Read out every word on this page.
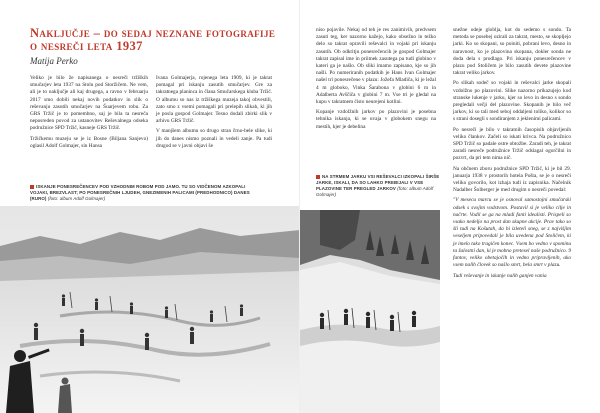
Naključje – do sedaj neznane fotografije
o nesreči leta 1937
Matija Perko

Veliko je bilo že napisanega o nesreči tržiških smučarjev leta 1937 na Stolu pod Storžičem. Ne vem, ali je to naključje ali kaj drugega, a ravno v februarju 2017 smo dobili nekaj novih podatkov in slik o reševanju zasutih smučarjev na Šuarjevem robu. Za GRS Tržič je to pomembno, saj je bila ta nesreča neposreden povod za ustanovitev Reševalnega odseka podružnice SPD Tržič, kasneje GRS Tržič.

Tržičkemu muzeju se je iz Bosne (Biljana Sanjevo) oglasil Adolf Golmajer, sin Hansa

Ivana Golmajerja, rojenega leta 1909, ki je takrat pomagal pri iskanju zasutih smučarjev. Gre za takratnega planinca in člana Smučarskega kluba Tržič. O albumu so nas iz tržiškega muzeja takoj obvestili, zato smo z vsemi pomagali pri prelepih slikah, ki jih je posla gospod Golmajer. Tesno dodali zbirki slik v arhivu GRS Tržič.

V manjšem albumu so drugo stran črno-bele slike, ki jih do danes nismo poznali in vedeli zanje. Pa tudi drugod se v javni objavi še

ISKANJE PONESREČENCEV POD VZHODNIM ROBOM POD JAMO. TU SO VIDČENOM AZKOPALI VOJAKI, BREZVLAST; PO PONESREČNIH LJUDEH, GNEZIMENIH PALICAMI (PREDHODNICO) DANES (RURO) (foto: album Adolf Golmajer)

niso pojavile. Nekaj od teh je res zanimivih, predvsem zasuti teg, ker nazorno kažejo, kako obsežno in težko delo so takrat opravili reševalci in vojaki pri iskanju zasutih. Ob odkritju ponesrečencih je gospod Golmajer takrat zapisal ime in priimek zasutega pa tudi globino v kateri ga je našlo. Ob sliki imamo zapisano, kje so jih našli. Po numeriranih podatkih je Hans Ivan Golmajer našel tri ponesrečene v plazu: Jožefa Mladiča, ki je ležal 4 m globoko, Vinka Šarabona v globini 6 m in Adalberta Avščiča v globini 7 m. Vse tri je gledal na kupu v takratnem čisto neurejeni kotlini.

Kopanje vzdolžnih jarkov po plazovini je posebna tehnika iskanja, ki se uvaja v globokem snegu na mestih, kjer je debelina

NA STRMEM JARKU VSI REŠEVALCI IZKOPALI ŠIRŠE JARKE, ISKALI, DA SO LAHKO PREBIJALI V VSE PLAZOVINE TER PREGLED JARKOV (foto: album Adolf Golmajer)

snežne odeje globlja, kot do sedemo s sondo. Ta metoda se posebej ozirali za takrat, mesto, se skopljejo jarki. Ko so skopani, so poiniti, pobrani levo, desno in naravnost, ko je plazovina skopana, dokler sonda ne doda dela s prodlago. Pri iskanju ponesrečencev v plazu pod Stoličem je bilo zasutih devete plazovine takrat veliko jarkov.

Po slikah sodeč so vojaki in reševalci jarke skopali vzdolžno po plazovini. Slike nazorno prikazujejo kod stranske lukenje v jarku, kjer so levo in desno s sondo pregledali večji del plazovine. Skopanih je bilo več jarkov, ki so tali med seboj oddaljeni toliko, kolikor so s strani dosegli s sondiranjem z jeklenimi palicami.

Po nesreči je bilo v takratnih časopisih objavljenih veliko člankov. Začeli so iskati krivca. Na podružnico SPD Tržič so padale ostre obtožbe. Zaradi teh, je takrat zaradi nesreče podružnice Tržič odslagal ogorčilni in pozvrt, da pri tem nima nič.

Na občnem zboru podružnice SPD Tržič, ki je bil 29. januarja 1938 v prostorih hotela Pošta, se je o nesreči veliko govorilo, kot izhaja tudi iz zapisnika. Načelnik Nadalber Šolberger je med drugim o nesreči povedal:

"V mesecu marcu se je osnoval samostojni smučarski odsek s svojim vodstvom. Postavil si je veliko cilje in načrte. Vodil se ga na mladi fanti idealisti. Prispeli so vsako nedeljo na prost dan skupne akcije. Prav tako so šli tudi na Košutah, da bi izleteli sneg, se z najvišjim veseljem pripovedali je bila uvedena pod Stoličem, ki je imelo tako tragičen konec. Vsem bo vedno v spominu ta žalostni dan, ki je mobno pretesel naše podružnico. 9 fantov, veliko obetajočih in vedno pripravljenih, ako vsem nalih človek so našlo smrt, bela smrt v plazu.

Tudi reševanje in iskanje nalih ganjen vania
